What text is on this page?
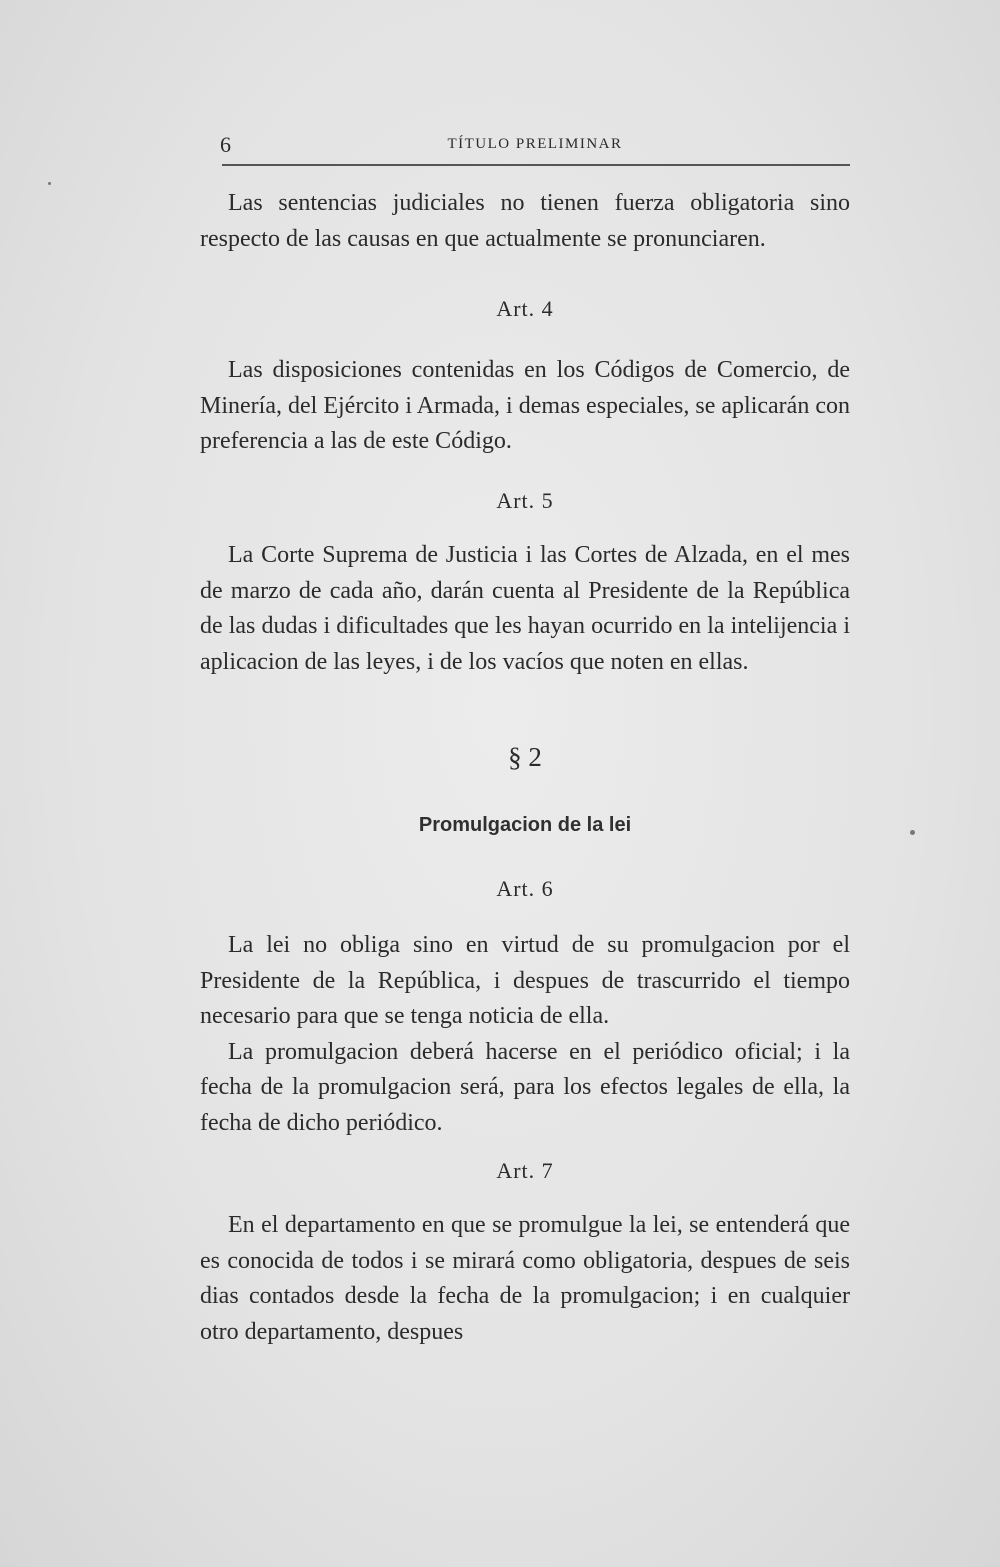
6	TÍTULO PRELIMINAR

Las sentencias judiciales no tienen fuerza obligatoria sino respecto de las causas en que actualmente se pronunciaren.

Art. 4

Las disposiciones contenidas en los Códigos de Comercio, de Minería, del Ejército i Armada, i demas especiales, se aplicarán con preferencia a las de este Código.

Art. 5

La Corte Suprema de Justicia i las Cortes de Alzada, en el mes de marzo de cada año, darán cuenta al Presidente de la República de las dudas i dificultades que les hayan ocurrido en la intelijencia i aplicacion de las leyes, i de los vacíos que noten en ellas.

§ 2
Promulgacion de la lei
Art. 6

La lei no obliga sino en virtud de su promulgacion por el Presidente de la República, i despues de trascurrido el tiempo necesario para que se tenga noticia de ella.

La promulgacion deberá hacerse en el periódico oficial; i la fecha de la promulgacion será, para los efectos legales de ella, la fecha de dicho periódico.

Art. 7

En el departamento en que se promulgue la lei, se entenderá que es conocida de todos i se mirará como obligatoria, despues de seis dias contados desde la fecha de la promulgacion; i en cualquier otro departamento, despues
